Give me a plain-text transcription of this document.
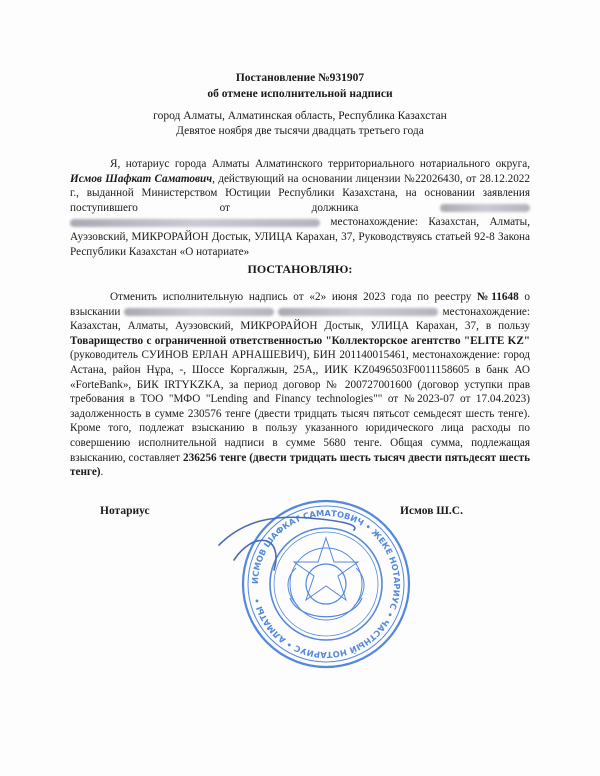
Постановление №931907
об отмене исполнительной надписи
город Алматы, Алматинская область, Республика Казахстан
Девятое ноября две тысячи двадцать третьего года
Я, нотариус города Алматы Алматинского территориального нотариального округа, Исмов Шафкат Саматович, действующий на основании лицензии №22026430, от 28.12.2022 г., выданной Министерством Юстиции Республики Казахстана, на основании заявления поступившего от должника   местонахождение: Казахстан, Алматы, Ауэзовский, МИКРОРАЙОН Достык, УЛИЦА Карахан, 37, Руководствуясь статьей 92-8 Закона Республики Казахстан «О нотариате»
ПОСТАНОВЛЯЮ:
Отменить исполнительную надпись от «2» июня 2023 года по реестру №11648 о взыскании	местонахождение: Казахстан, Алматы, Ауэзовский, МИКРОРАЙОН Достык, УЛИЦА Карахан, 37, в пользу Товарищество с ограниченной ответственностью "Коллекторское агентство "ELITE KZ" (руководитель СУИНОВ ЕРЛАН АРНАШЕВИЧ), БИН 201140015461, местонахождение: город Астана, район Нұра, -, Шоссе Коргалжын, 25А,, ИИК KZ0496503F0011158605 в банк АО «ForteBank», БИК IRTYKZKA, за период договор № 200727001600 (договор уступки прав требования в ТОО "МФО "Lending and Financy technologies"" от №2023-07 от 17.04.2023) задолженность в сумме 230576 тенге (двести тридцать тысяч пятьсот семьдесят шесть тенге). Кроме того, подлежат взысканию в пользу указанного юридического лица расходы по совершению исполнительной надписи в сумме 5680 тенге. Общая сумма, подлежащая взысканию, составляет 236256 тенге (двести тридцать шесть тысяч двести пятьдесят шесть тенге).
Нотариус	Исмов Ш.С.
ИСМОВ ШАФКАТ САМАТОВИЧ • ЖЕКЕ НОТАРИУС • ЧАСТНЫЙ НОТАРИУС • АЛМАТЫ •
